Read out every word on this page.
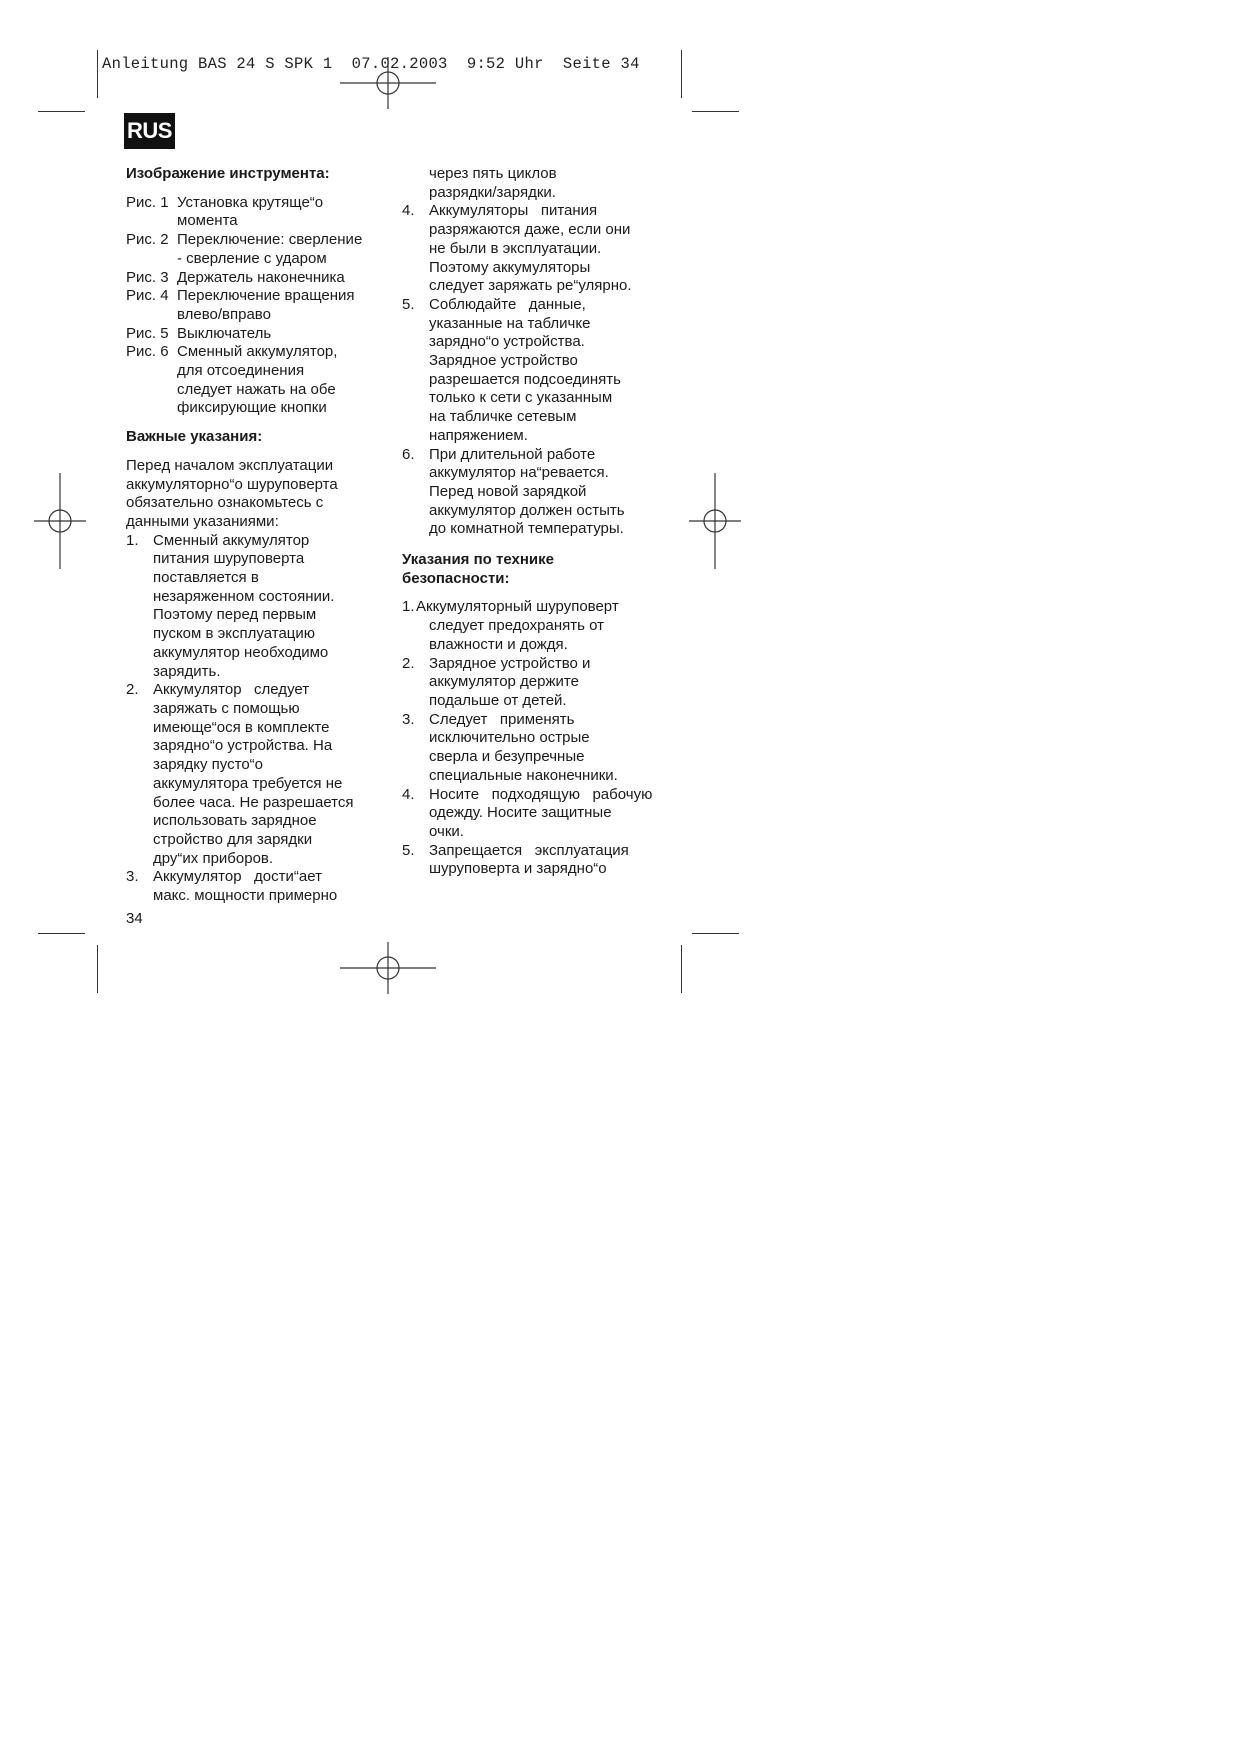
Anleitung BAS 24 S SPK 1  07.02.2003  9:52 Uhr  Seite 34
RUS

Изображение инструмента:

Рис. 1 Установка крутяще“о
момента
Рис. 2 Переключение: сверление
- сверление с ударом
Рис. 3 Держатель наконечника
Рис. 4 Переключение вращения
влево/вправо
Рис. 5 Выключатель
Рис. 6 Сменный аккумулятор,
для отсоединения
следует нажать на обе
фиксирующие кнопки

Важные указания:

Перед началом эксплуатации
аккумуляторно“о шуруповерта
обязательно ознакомьтесь с
данными указаниями:
1. Сменный аккумулятор
питания шуруповерта
поставляется в
незаряженном состоянии.
Поэтому перед первым
пуском в эксплуатацию
аккумулятор необходимо
зарядить.
2. Аккумулятор   следует
заряжать с помощью
имеюще“ося в комплекте
зарядно“о устройства. На
зарядку пусто“о
аккумулятора требуется не
более часа. Не разрешается
использовать зарядное
стройство для зарядки
дру“их приборов.
3. Аккумулятор   дости“ает
макс. мощности примерно
через пять циклов
разрядки/зарядки.
4. Аккумуляторы   питания
разряжаются даже, если они
не были в эксплуатации.
Поэтому аккумуляторы
следует заряжать ре“улярно.
5. Соблюдайте   данные,
указанные на табличке
зарядно“о устройства.
Зарядное устройство
разрешается подсоединять
только к сети с указанным
на табличке сетевым
напряжением.
6. При длительной работе
аккумулятор на“ревается.
Перед новой зарядкой
аккумулятор должен остыть
до комнатной температуры.
Указания по технике
безопасности:
1. Аккумуляторный шуруповерт
следует предохранять от
влажности и дождя.
2. Зарядное устройство и
аккумулятор держите
подальше от детей.
3. Следует   применять
исключительно острые
сверла и безупречные
специальные наконечники.
4. Носите   подходящую   рабочую
одежду. Носите защитные
очки.
5. Запрещается   эксплуатация
шуруповерта и зарядно“о
34
